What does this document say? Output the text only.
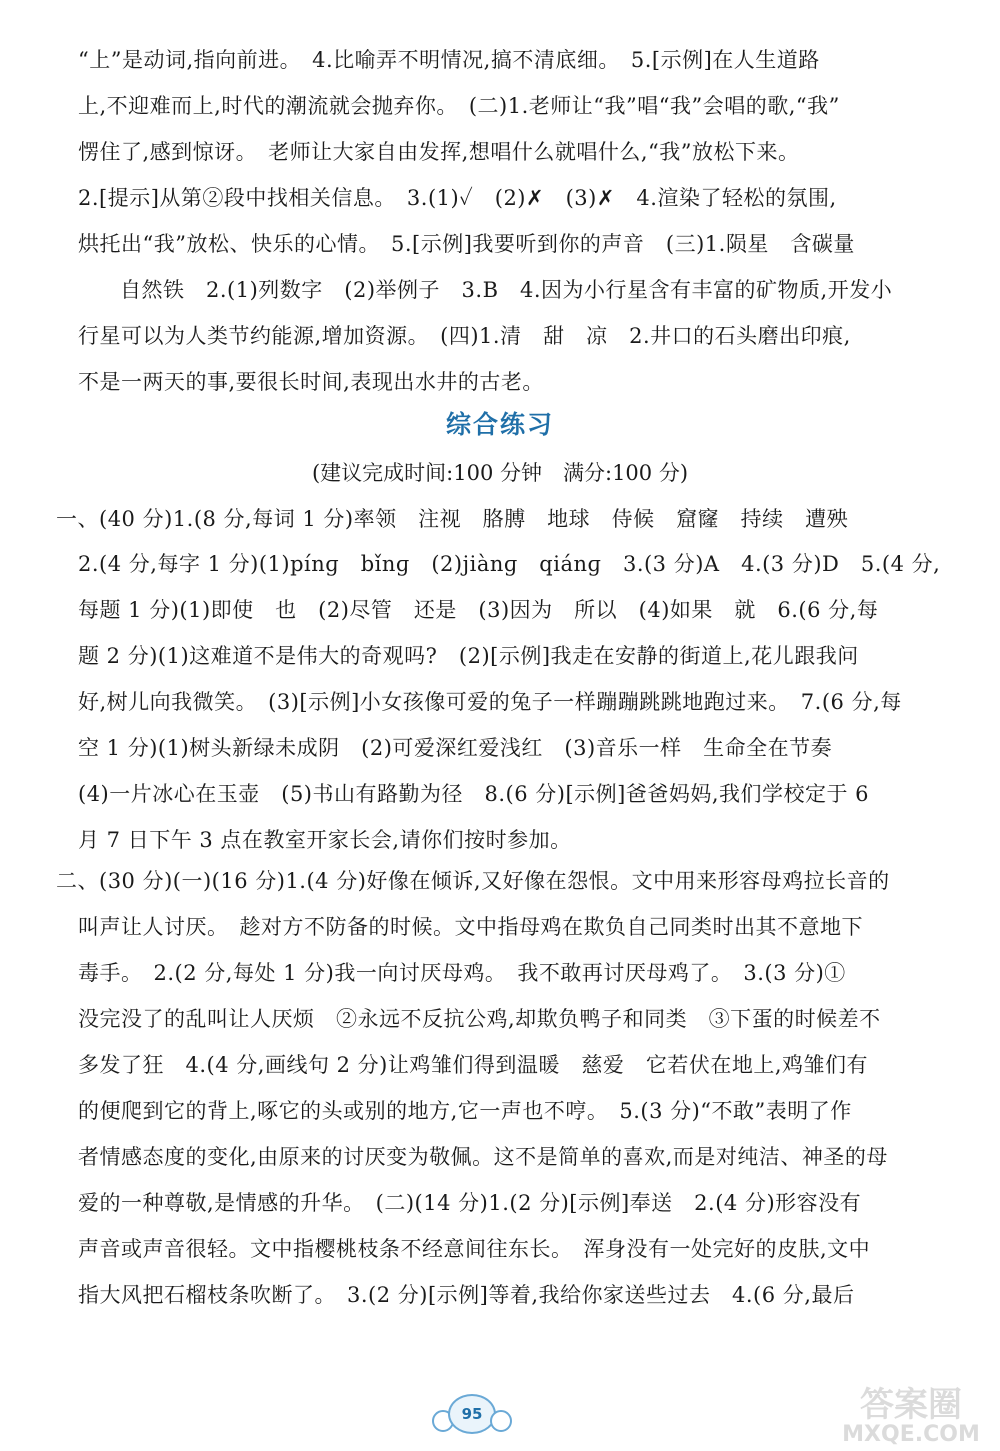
“上”是动词,指向前进。　4.比喻弄不明情况,搞不清底细。　5.[示例]在人生道路
上,不迎难而上,时代的潮流就会抛弃你。　(二)1.老师让“我”唱“我”会唱的歌,“我”
愣住了,感到惊讶。　老师让大家自由发挥,想唱什么就唱什么,“我”放松下来。
2.[提示]从第②段中找相关信息。　3.(1)✓　(2)✗　(3)✗　4.渲染了轻松的氛围,
烘托出“我”放松、快乐的心情。　5.[示例]我要听到你的声音　(三)1.陨星　含碳量
自然铁　2.(1)列数字　(2)举例子　3.B　4.因为小行星含有丰富的矿物质,开发小
行星可以为人类节约能源,增加资源。　(四)1.清　甜　凉　2.井口的石头磨出印痕,
不是一两天的事,要很长时间,表现出水井的古老。
综合练习
(建议完成时间:100 分钟　满分:100 分)
一、(40 分)1.(8 分,每词 1 分)率领　注视　胳膊　地球　侍候　窟窿　持续　遭殃
2.(4 分,每字 1 分)(1)pínɡ　bǐnɡ　(2)jiànɡ　qiánɡ　3.(3 分)A　4.(3 分)D　5.(4 分,
每题 1 分)(1)即使　也　(2)尽管　还是　(3)因为　所以　(4)如果　就　6.(6 分,每
题 2 分)(1)这难道不是伟大的奇观吗?　(2)[示例]我走在安静的街道上,花儿跟我问
好,树儿向我微笑。　(3)[示例]小女孩像可爱的兔子一样蹦蹦跳跳地跑过来。　7.(6 分,每
空 1 分)(1)树头新绿未成阴　(2)可爱深红爱浅红　(3)音乐一样　生命全在节奏
(4)一片冰心在玉壶　(5)书山有路勤为径　8.(6 分)[示例]爸爸妈妈,我们学校定于 6
月 7 日下午 3 点在教室开家长会,请你们按时参加。
二、(30 分)(一)(16 分)1.(4 分)好像在倾诉,又好像在怨恨。文中用来形容母鸡拉长音的
叫声让人讨厌。　趁对方不防备的时候。文中指母鸡在欺负自己同类时出其不意地下
毒手。　2.(2 分,每处 1 分)我一向讨厌母鸡。　我不敢再讨厌母鸡了。　3.(3 分)①
没完没了的乱叫让人厌烦　②永远不反抗公鸡,却欺负鸭子和同类　③下蛋的时候差不
多发了狂　4.(4 分,画线句 2 分)让鸡雏们得到温暖　慈爱　它若伏在地上,鸡雏们有
的便爬到它的背上,啄它的头或别的地方,它一声也不哼。　5.(3 分)“不敢”表明了作
者情感态度的变化,由原来的讨厌变为敬佩。这不是简单的喜欢,而是对纯洁、神圣的母
爱的一种尊敬,是情感的升华。　(二)(14 分)1.(2 分)[示例]奉送　2.(4 分)形容没有
声音或声音很轻。文中指樱桃枝条不经意间往东长。　浑身没有一处完好的皮肤,文中
指大风把石榴枝条吹断了。　3.(2 分)[示例]等着,我给你家送些过去　4.(6 分,最后
95	答案圈
MXQE.COM
